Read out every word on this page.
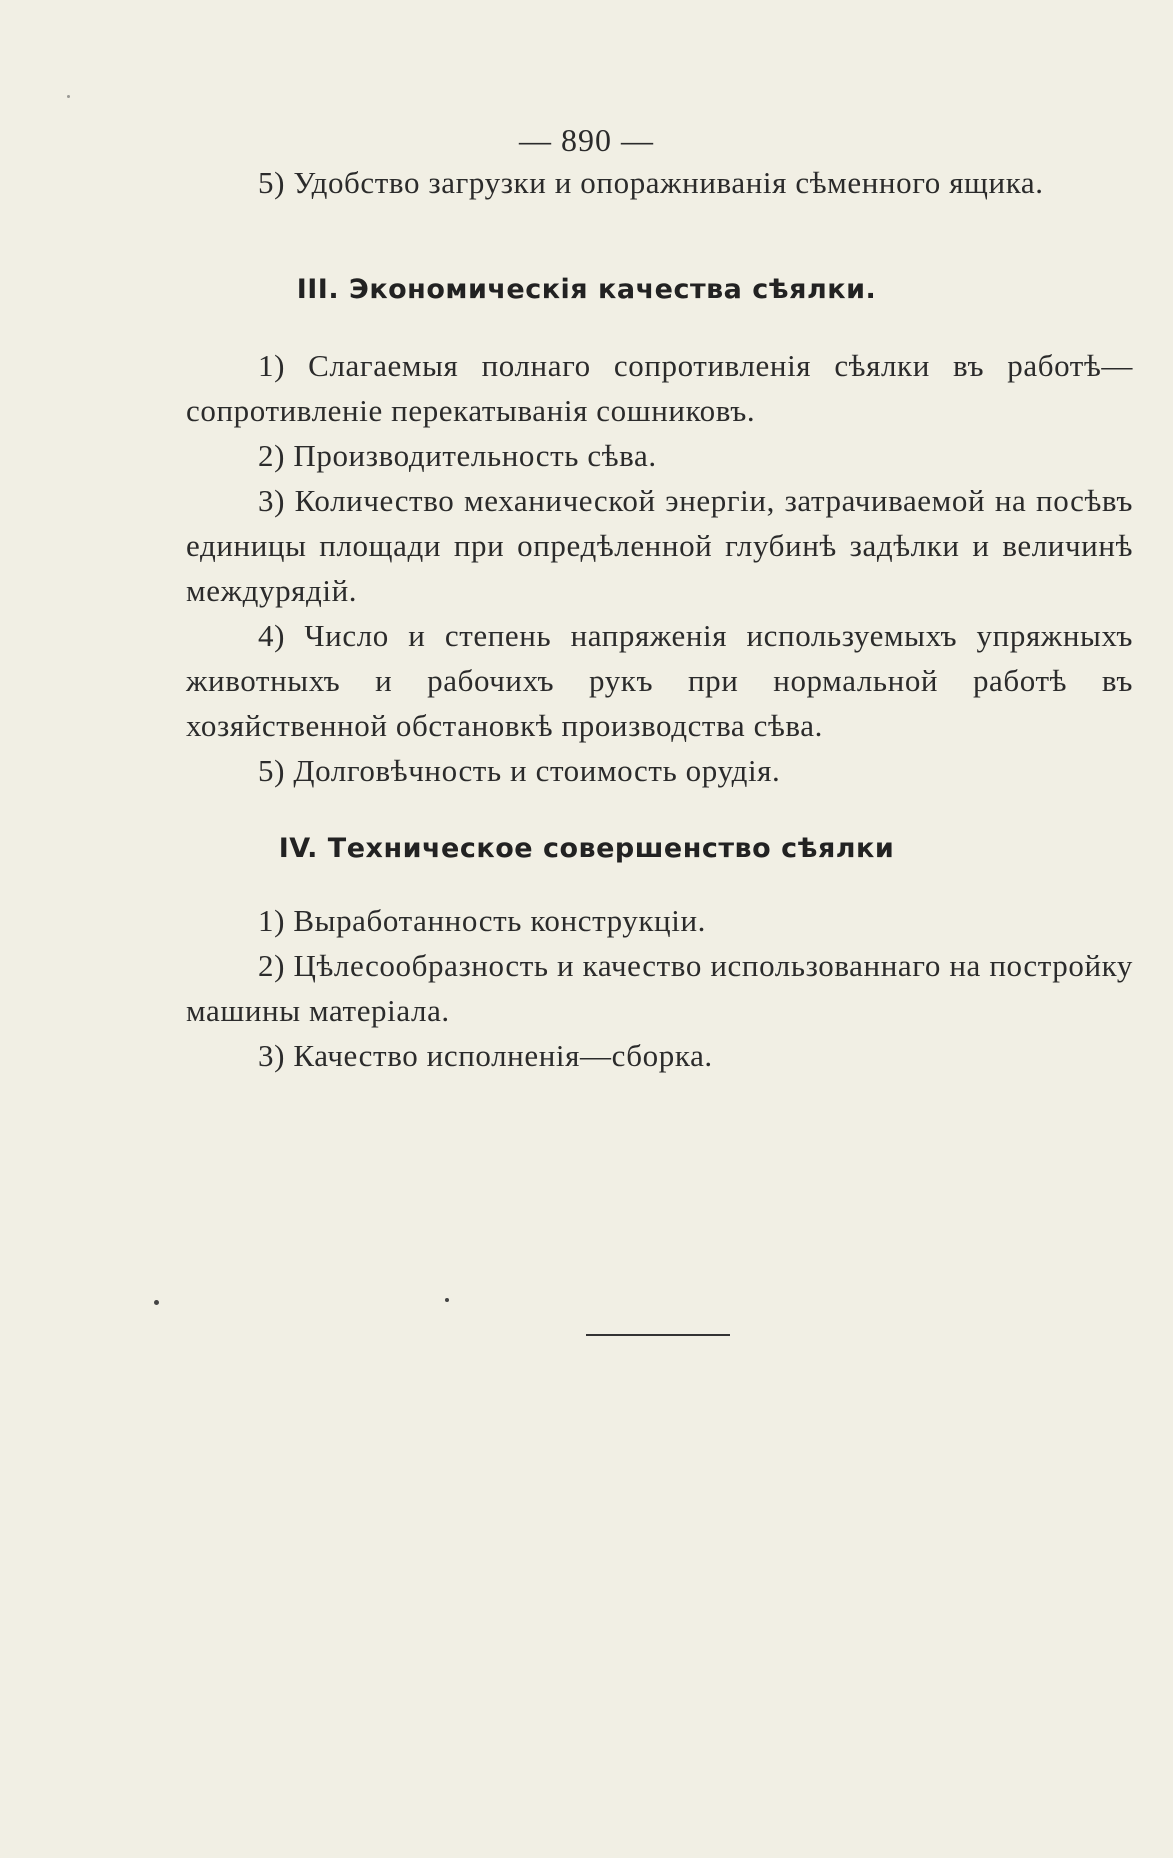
— 890 —

5) Удобство загрузки и опоражниванія сѣменного ящика.

III. Экономическія качества сѣялки.

1) Слагаемыя полнаго сопротивленія сѣялки въ работѣ—сопротивленіе перекатыванія сошниковъ.

2) Производительность сѣва.

3) Количество механической энергіи, затрачиваемой на посѣвъ единицы площади при опредѣленной глубинѣ задѣлки и величинѣ междурядій.

4) Число и степень напряженія используемыхъ упряжныхъ животныхъ и рабочихъ рукъ при нормальной работѣ въ хозяйственной обстановкѣ производства сѣва.

5) Долговѣчность и стоимость орудія.

IV. Техническое совершенство сѣялки

1) Выработанность конструкціи.

2) Цѣлесообразность и качество использованнаго на постройку машины матеріала.

3) Качество исполненія—сборка.
